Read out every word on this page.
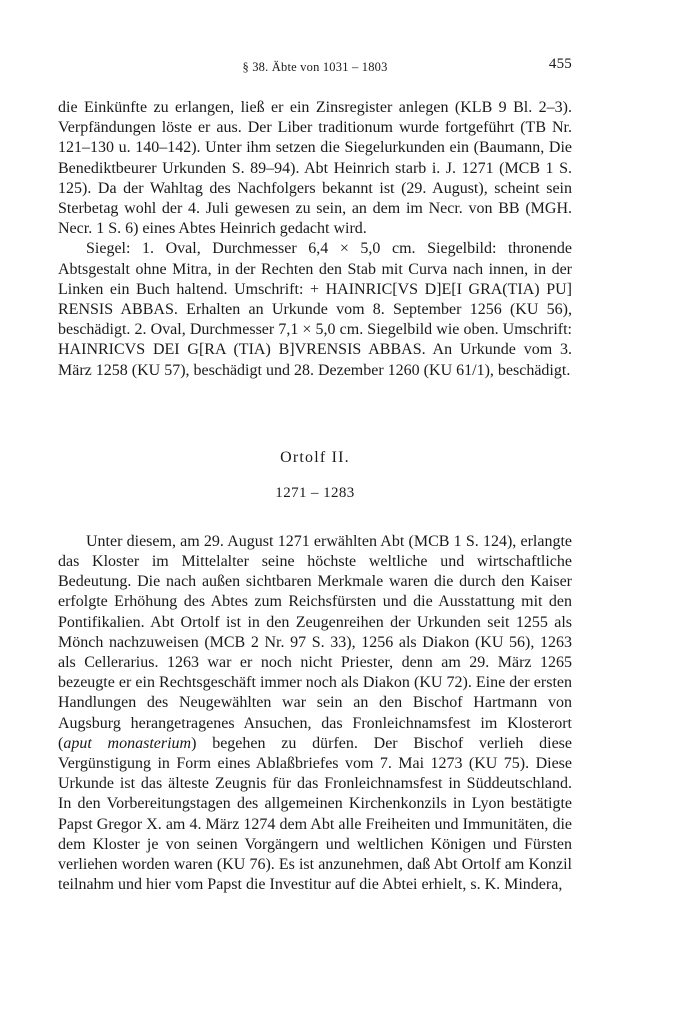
§ 38. Äbte von 1031 – 1803	455

die Einkünfte zu erlangen, ließ er ein Zinsregister anlegen (KLB 9 Bl. 2–3). Verpfändungen löste er aus. Der Liber traditionum wurde fortgeführt (TB Nr. 121–130 u. 140–142). Unter ihm setzen die Siegelurkunden ein (Baumann, Die Benediktbeurer Urkunden S. 89–94). Abt Heinrich starb i. J. 1271 (MCB 1 S. 125). Da der Wahltag des Nachfolgers bekannt ist (29. August), scheint sein Sterbetag wohl der 4. Juli gewesen zu sein, an dem im Necr. von BB (MGH. Necr. 1 S. 6) eines Abtes Heinrich gedacht wird.

Siegel: 1. Oval, Durchmesser 6,4 × 5,0 cm. Siegelbild: thronende Abtsgestalt ohne Mitra, in der Rechten den Stab mit Curva nach innen, in der Linken ein Buch haltend. Umschrift: + HAINRIC[VS D]E[I GRA(TIA) PU] RENSIS ABBAS. Erhalten an Urkunde vom 8. September 1256 (KU 56), beschädigt. 2. Oval, Durchmesser 7,1 × 5,0 cm. Siegelbild wie oben. Umschrift: HAINRICVS DEI G[RA (TIA) B]VRENSIS ABBAS. An Urkunde vom 3. März 1258 (KU 57), beschädigt und 28. Dezember 1260 (KU 61/1), beschädigt.

Ortolf II.
1271 – 1283

Unter diesem, am 29. August 1271 erwählten Abt (MCB 1 S. 124), erlangte das Kloster im Mittelalter seine höchste weltliche und wirtschaftliche Bedeutung. Die nach außen sichtbaren Merkmale waren die durch den Kaiser erfolgte Erhöhung des Abtes zum Reichsfürsten und die Ausstattung mit den Pontifikalien. Abt Ortolf ist in den Zeugenreihen der Urkunden seit 1255 als Mönch nachzuweisen (MCB 2 Nr. 97 S. 33), 1256 als Diakon (KU 56), 1263 als Cellerarius. 1263 war er noch nicht Priester, denn am 29. März 1265 bezeugte er ein Rechtsgeschäft immer noch als Diakon (KU 72). Eine der ersten Handlungen des Neugewählten war sein an den Bischof Hartmann von Augsburg herangetragenes Ansuchen, das Fronleichnamsfest im Klosterort (aput monasterium) begehen zu dürfen. Der Bischof verlieh diese Vergünstigung in Form eines Ablaßbriefes vom 7. Mai 1273 (KU 75). Diese Urkunde ist das älteste Zeugnis für das Fronleichnamsfest in Süddeutschland. In den Vorbereitungstagen des allgemeinen Kirchenkonzils in Lyon bestätigte Papst Gregor X. am 4. März 1274 dem Abt alle Freiheiten und Immunitäten, die dem Kloster je von seinen Vorgängern und weltlichen Königen und Fürsten verliehen worden waren (KU 76). Es ist anzunehmen, daß Abt Ortolf am Konzil teilnahm und hier vom Papst die Investitur auf die Abtei erhielt, s. K. Mindera,
